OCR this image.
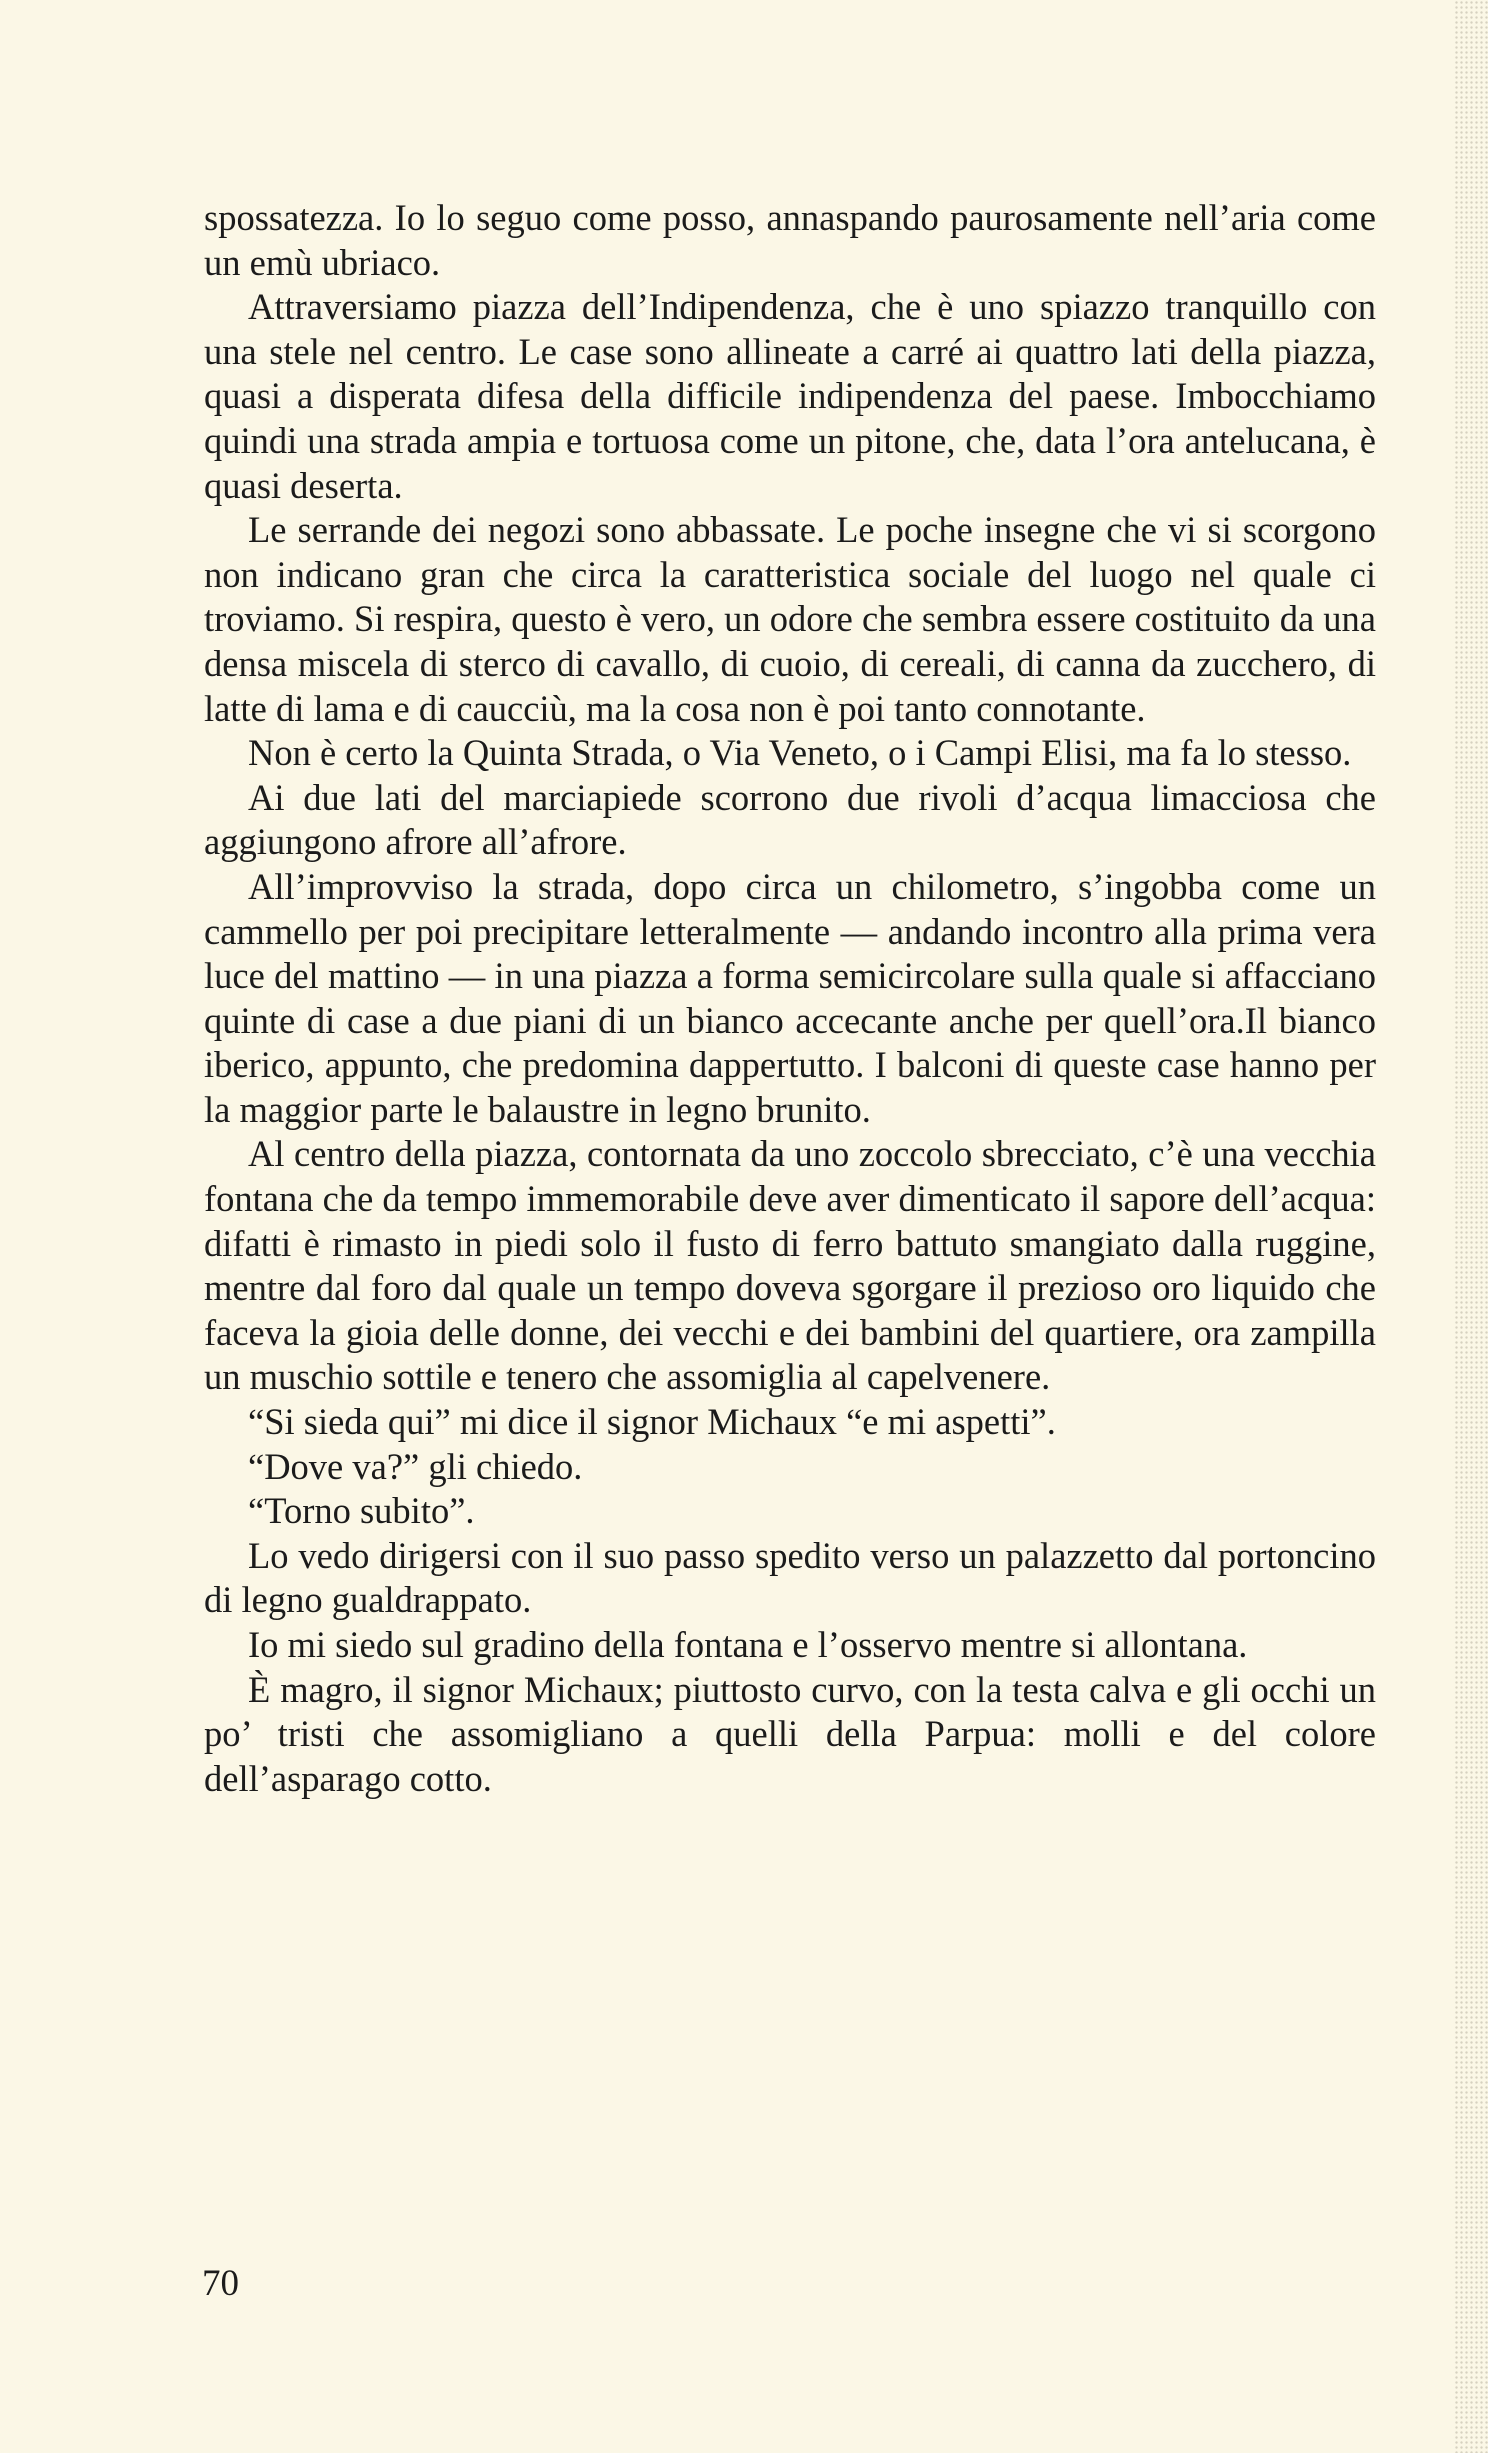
spossatezza. Io lo seguo come posso, annaspando paurosamente nell’aria come un emù ubriaco.

Attraversiamo piazza dell’Indipendenza, che è uno spiazzo tranquillo con una stele nel centro. Le case sono allineate a carré ai quattro lati della piazza, quasi a disperata difesa della difficile indipendenza del paese. Imbocchiamo quindi una strada ampia e tortuosa come un pitone, che, data l’ora antelucana, è quasi deserta.

Le serrande dei negozi sono abbassate. Le poche insegne che vi si scorgono non indicano gran che circa la caratteristica sociale del luogo nel quale ci troviamo. Si respira, questo è vero, un odore che sembra essere costituito da una densa miscela di sterco di cavallo, di cuoio, di cereali, di canna da zucchero, di latte di lama e di caucciù, ma la cosa non è poi tanto connotante.

Non è certo la Quinta Strada, o Via Veneto, o i Campi Elisi, ma fa lo stesso.

Ai due lati del marciapiede scorrono due rivoli d’acqua limacciosa che aggiungono afrore all’afrore.

All’improvviso la strada, dopo circa un chilometro, s’ingobba come un cammello per poi precipitare letteralmente — andando incontro alla prima vera luce del mattino — in una piazza a forma semicircolare sulla quale si affacciano quinte di case a due piani di un bianco accecante anche per quell’ora.Il bianco iberico, appunto, che predomina dappertutto. I balconi di queste case hanno per la maggior parte le balaustre in legno brunito.

Al centro della piazza, contornata da uno zoccolo sbrecciato, c’è una vecchia fontana che da tempo immemorabile deve aver dimenticato il sapore dell’acqua: difatti è rimasto in piedi solo il fusto di ferro battuto smangiato dalla ruggine, mentre dal foro dal quale un tempo doveva sgorgare il prezioso oro liquido che faceva la gioia delle donne, dei vecchi e dei bambini del quartiere, ora zampilla un muschio sottile e tenero che assomiglia al capelvenere.

“Si sieda qui” mi dice il signor Michaux “e mi aspetti”.

“Dove va?” gli chiedo.

“Torno subito”.

Lo vedo dirigersi con il suo passo spedito verso un palazzetto dal portoncino di legno gualdrappato.

Io mi siedo sul gradino della fontana e l’osservo mentre si allontana.

È magro, il signor Michaux; piuttosto curvo, con la testa calva e gli occhi un po’ tristi che assomigliano a quelli della Parpua: molli e del colore dell’asparago cotto.

70
